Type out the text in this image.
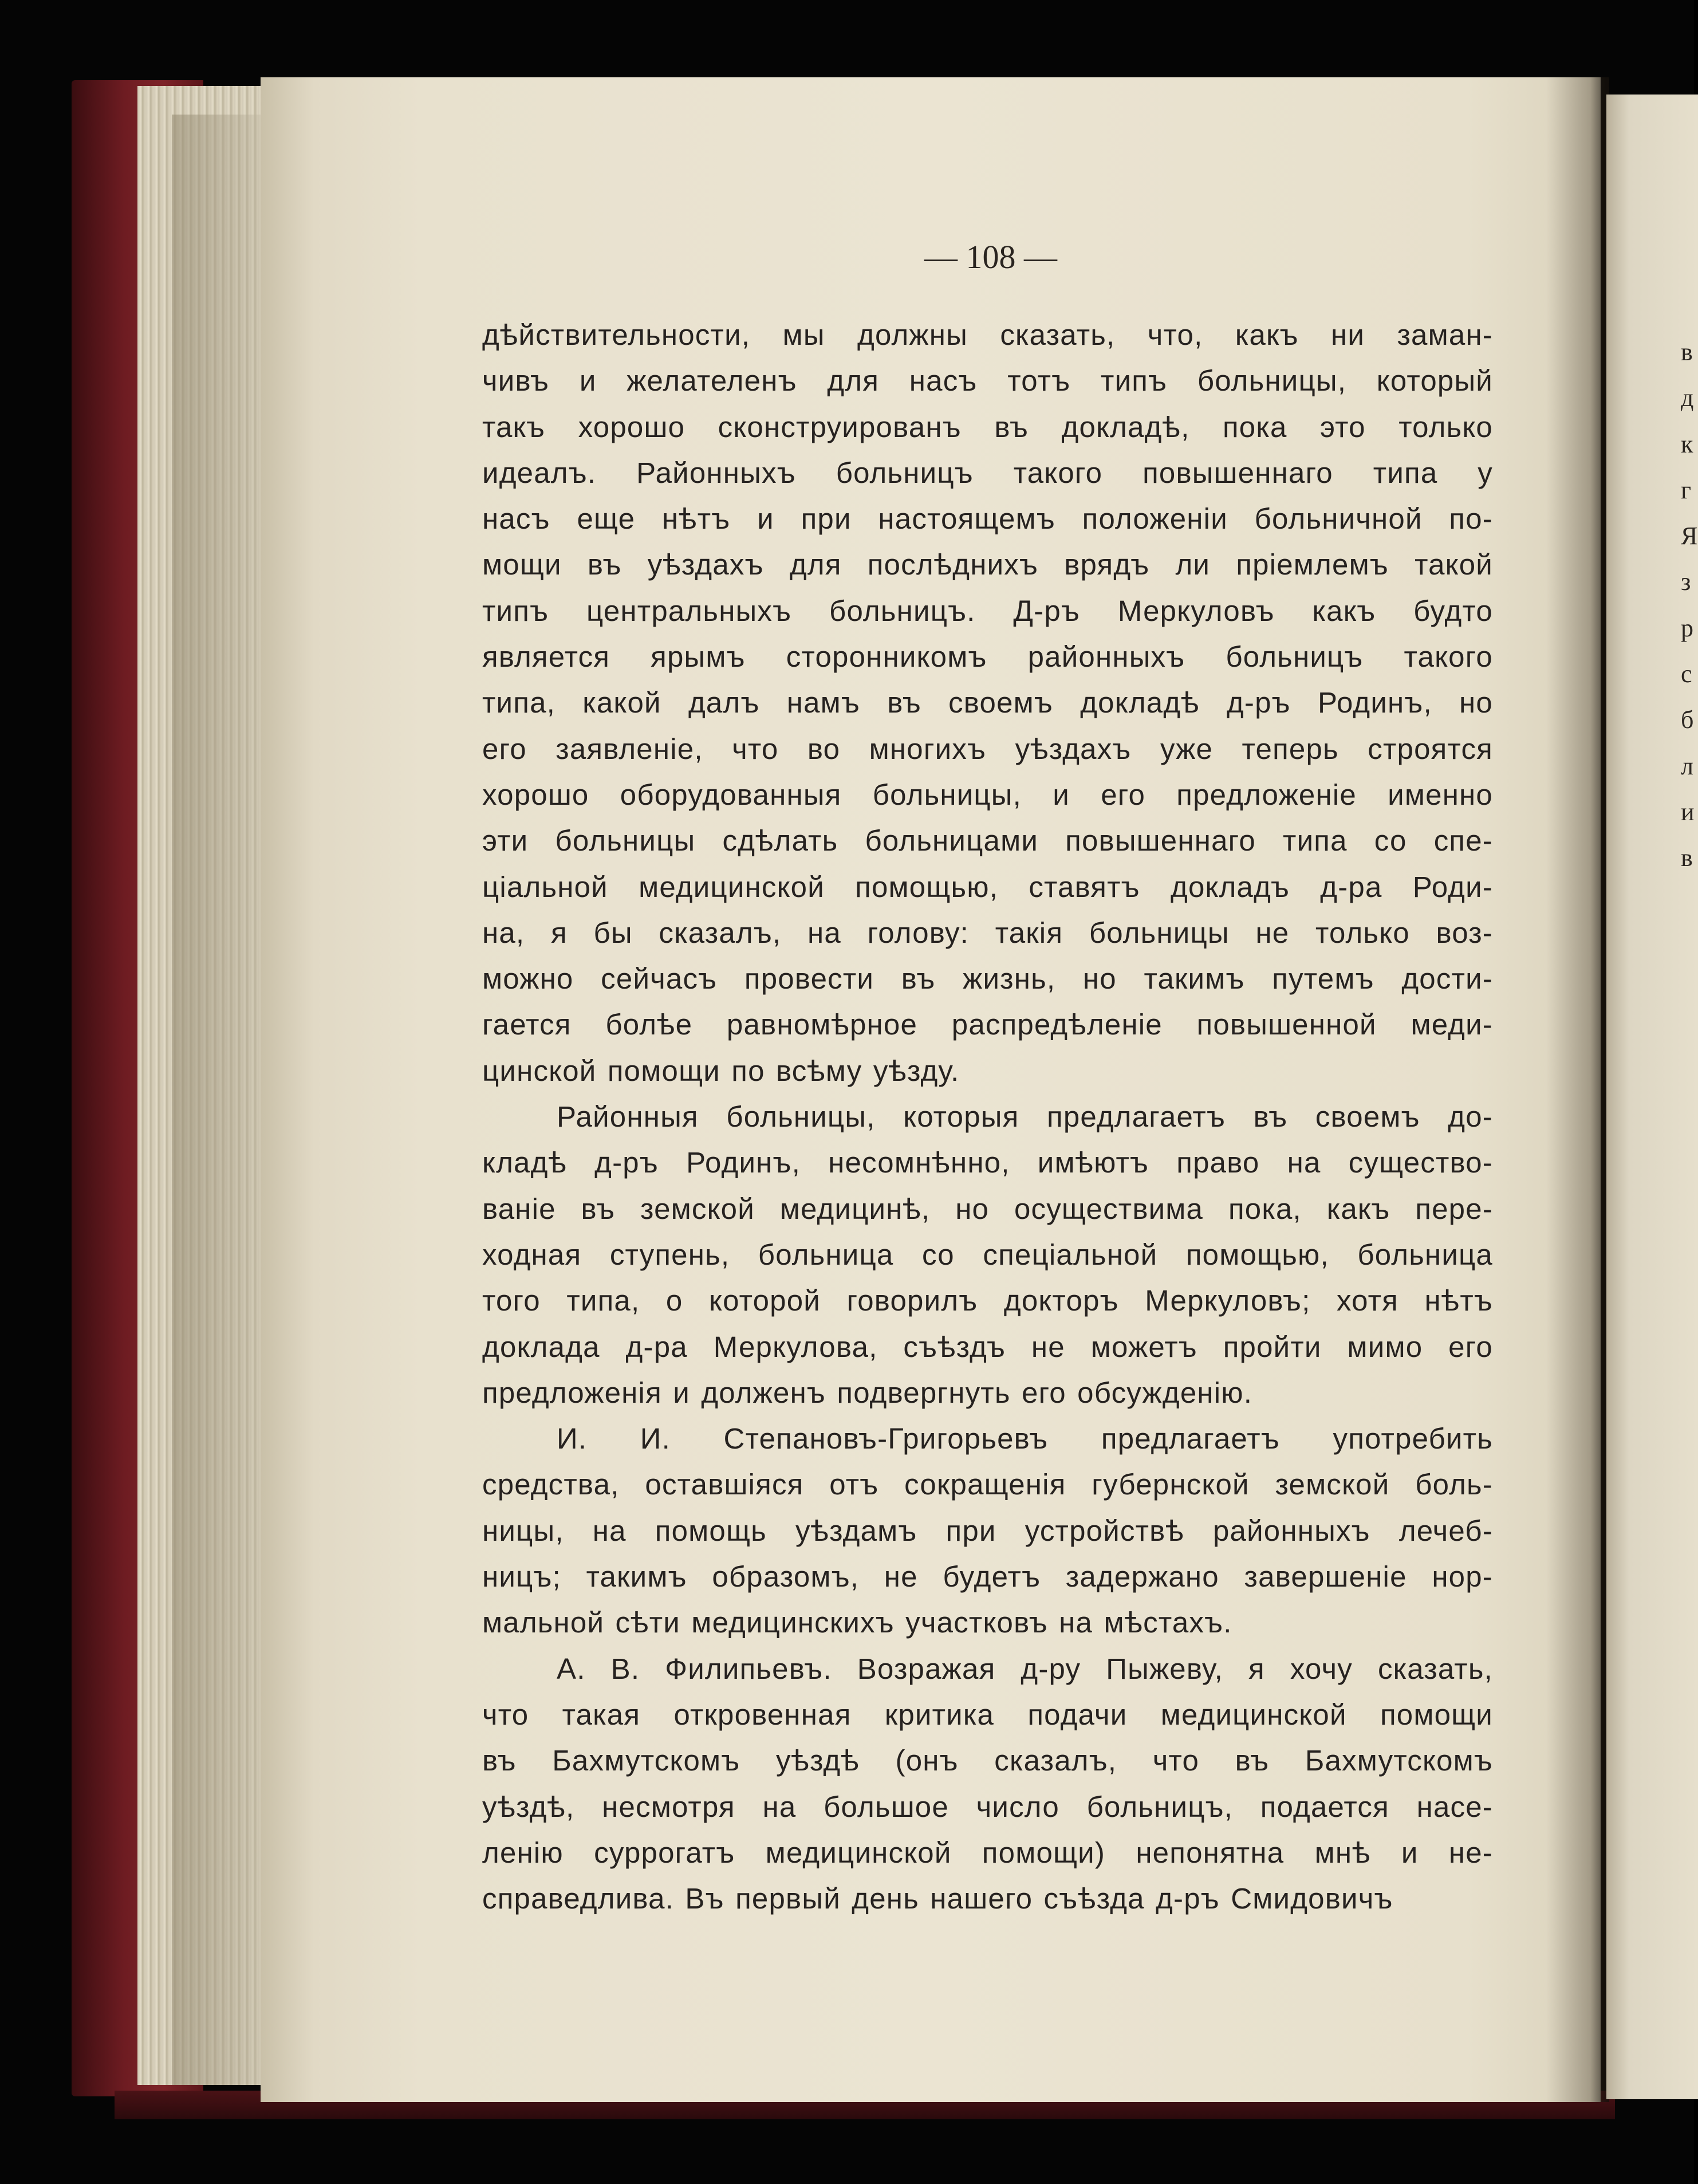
— 108 —
дѣйствительности, мы должны сказать, что, какъ ни заман-
чивъ и желателенъ для насъ тотъ типъ больницы, который
такъ хорошо сконструированъ въ докладѣ, пока это только
идеалъ. Районныхъ больницъ такого повышеннаго типа у
насъ еще нѣтъ и при настоящемъ положенiи больничной по-
мощи въ уѣздахъ для послѣднихъ врядъ ли прiемлемъ такой
типъ центральныхъ больницъ. Д-ръ Меркуловъ какъ будто
является ярымъ сторонникомъ районныхъ больницъ такого
типа, какой далъ намъ въ своемъ докладѣ д-ръ Родинъ, но
его заявленiе, что во многихъ уѣздахъ уже теперь строятся
хорошо оборудованныя больницы, и его предложенiе именно
эти больницы сдѣлать больницами повышеннаго типа со спе-
цiальной медицинской помощью, ставятъ докладъ д-ра Роди-
на, я бы сказалъ, на голову: такiя больницы не только воз-
можно сейчасъ провести въ жизнь, но такимъ путемъ дости-
гается болѣе равномѣрное распредѣленiе повышенной меди-
цинской помощи по всѣму уѣзду.
Районныя больницы, которыя предлагаетъ въ своемъ до-
кладѣ д-ръ Родинъ, несомнѣнно, имѣютъ право на существо-
ванiе въ земской медицинѣ, но осуществима пока, какъ пере-
ходная ступень, больница со спецiальной помощью, больница
того типа, о которой говорилъ докторъ Меркуловъ; хотя нѣтъ
доклада д-ра Меркулова, съѣздъ не можетъ пройти мимо его
предложенiя и долженъ подвергнуть его обсужденiю.
И. И. Степановъ-Григорьевъ предлагаетъ употребить
средства, оставшiяся отъ сокращенiя губернской земской боль-
ницы, на помощь уѣздамъ при устройствѣ районныхъ лечеб-
ницъ; такимъ образомъ, не будетъ задержано завершенiе нор-
мальной сѣти медицинскихъ участковъ на мѣстахъ.
А. В. Филипьевъ. Возражая д-ру Пыжеву, я хочу сказать,
что такая откровенная критика подачи медицинской помощи
въ Бахмутскомъ уѣздѣ (онъ сказалъ, что въ Бахмутскомъ
уѣздѣ, несмотря на большое число больницъ, подается насе-
ленiю суррогатъ медицинской помощи) непонятна мнѣ и не-
справедлива. Въ первый день нашего съѣзда д-ръ Смидовичъ
в
д
к
г
Я
з
р
с
б
л
и
в
